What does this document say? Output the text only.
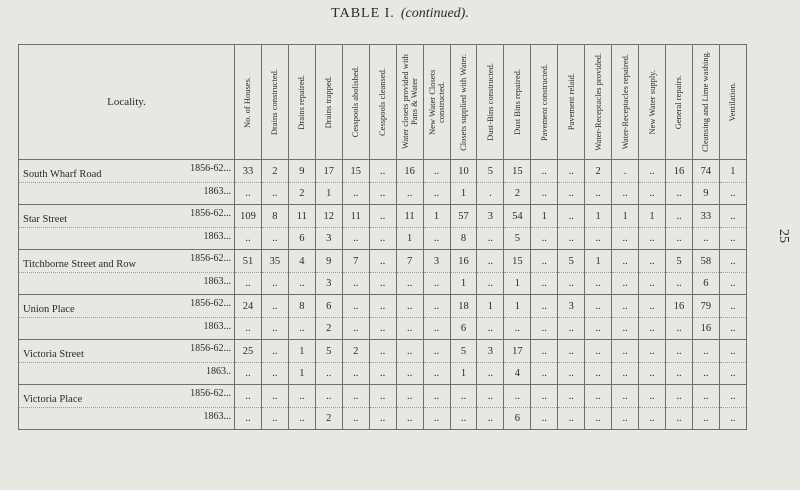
TABLE I. (continued).
25
Locality.	No. of Houses.	Drains constructed.	Drains repaired.	Drains trapped.	Cesspools abolished.	Cesspools cleansed.	Water closets provided with Pans & Water	New Water Closets constructed.	Closets supplied with Water.	Dust-Bins constructed.	Dust Bins repaired.	Pavement constructed.	Pavement relaid.	Water-Receptacles provided.	Water-Receptacles repaired.	New Water supply.	General repairs.	Cleansing and Lime washing.	Ventilation.

South Wharf Road
1856-62...	33	2	9	17	15	..	16	..	10	5	15	..	..	2	.	..	16	74	1

1863...	..	..	2	1	..	..	..	..	1	.	2	..	..	..	..	..	..	9	..

Star Street
1856-62...	109	8	11	12	11	..	11	1	57	3	54	1	..	1	1	1	..	33	..

1863...	..	..	6	3	..	..	1	..	8	..	5	..	..	..	..	..	..	..	..

Titchborne Street and Row
1856-62...	51	35	4	9	7	..	7	3	16	..	15	..	5	1	..	..	5	58	..

1863...	..	..	..	3	..	..	..	..	1	..	1	..	..	..	..	..	..	6	..

Union Place
1856-62...	24	..	8	6	..	..	..	..	18	1	1	..	3	..	..	..	16	79	..

1863...	..	..	..	2	..	..	..	..	6	..	..	..	..	..	..	..	..	16	..

Victoria Street
1856-62...	25	..	1	5	2	..	..	..	5	3	17	..	..	..	..	..	..	..	..

1863..	..	..	1	..	..	..	..	..	1	..	4	..	..	..	..	..	..	..	..

Victoria Place
1856-62...	..	..	..	..	..	..	..	..	..	..	..	..	..	..	..	..	..	..	..

1863...	..	..	..	2	..	..	..	..	..	..	6	..	..	..	..	..	..	..	..
